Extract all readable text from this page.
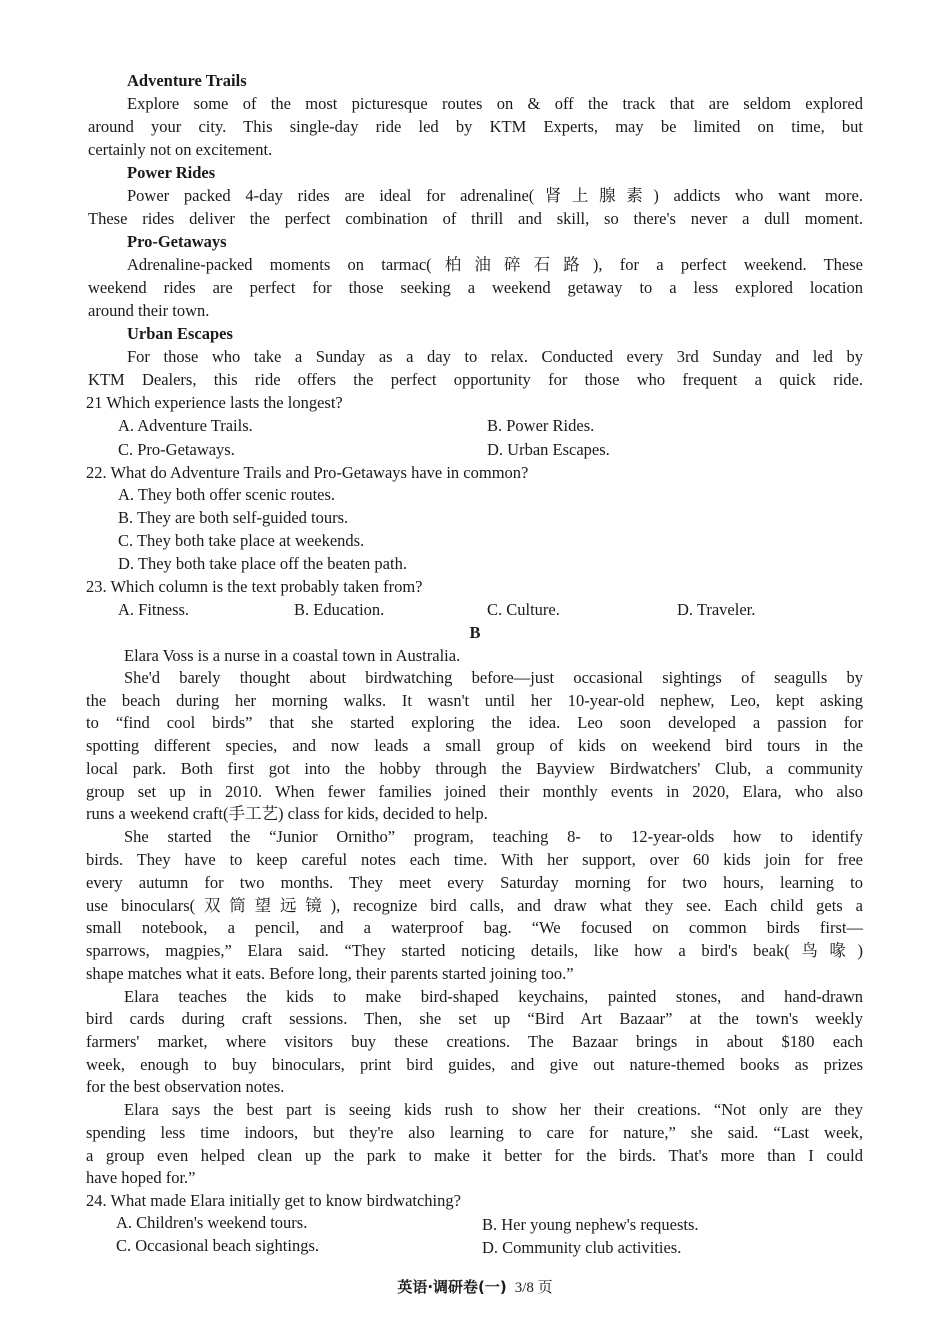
Adventure Trails
Explore some of the most picturesque routes on & off the track that are seldom explored
around your city. This single-day ride led by KTM Experts, may be limited on time, but
certainly not on excitement.
Power Rides
Power packed 4-day rides are ideal for adrenaline(肾上腺素) addicts who want more.
These rides deliver the perfect combination of thrill and skill, so there's never a dull moment.
Pro-Getaways
Adrenaline-packed moments on tarmac(柏油碎石路), for a perfect weekend. These
weekend rides are perfect for those seeking a weekend getaway to a less explored location
around their town.
Urban Escapes
For those who take a Sunday as a day to relax. Conducted every 3rd Sunday and led by
KTM Dealers, this ride offers the perfect opportunity for those who frequent a quick ride.
21 Which experience lasts the longest?
A. Adventure Trails.	B. Power Rides.
C. Pro-Getaways.	D. Urban Escapes.
22. What do Adventure Trails and Pro-Getaways have in common?
A. They both offer scenic routes.
B. They are both self-guided tours.
C. They both take place at weekends.
D. They both take place off the beaten path.
23. Which column is the text probably taken from?
A. Fitness.	B. Education.	C. Culture.	D. Traveler.
B
Elara Voss is a nurse in a coastal town in Australia.
She'd barely thought about birdwatching before—just occasional sightings of seagulls by
the beach during her morning walks. It wasn't until her 10-year-old nephew, Leo, kept asking
to “find cool birds” that she started exploring the idea. Leo soon developed a passion for
spotting different species, and now leads a small group of kids on weekend bird tours in the
local park. Both first got into the hobby through the Bayview Birdwatchers' Club, a community
group set up in 2010. When fewer families joined their monthly events in 2020, Elara, who also
runs a weekend craft(手工艺) class for kids, decided to help.
She started the “Junior Ornitho” program, teaching 8- to 12-year-olds how to identify
birds. They have to keep careful notes each time. With her support, over 60 kids join for free
every autumn for two months. They meet every Saturday morning for two hours, learning to
use binoculars(双筒望远镜), recognize bird calls, and draw what they see. Each child gets a
small notebook, a pencil, and a waterproof bag. “We focused on common birds first—
sparrows, magpies,” Elara said. “They started noticing details, like how a bird's beak(鸟喙)
shape matches what it eats. Before long, their parents started joining too.”
Elara teaches the kids to make bird-shaped keychains, painted stones, and hand-drawn
bird cards during craft sessions. Then, she set up “Bird Art Bazaar” at the town's weekly
farmers' market, where visitors buy these creations. The Bazaar brings in about $180 each
week, enough to buy binoculars, print bird guides, and give out nature-themed books as prizes
for the best observation notes.
Elara says the best part is seeing kids rush to show her their creations. “Not only are they
spending less time indoors, but they're also learning to care for nature,” she said. “Last week,
a group even helped clean up the park to make it better for the birds. That's more than I could
have hoped for.”
24. What made Elara initially get to know birdwatching?
A. Children's weekend tours.	B. Her young nephew's requests.
C. Occasional beach sightings.	D. Community club activities.
英语·调研卷(一) 3/8 页
